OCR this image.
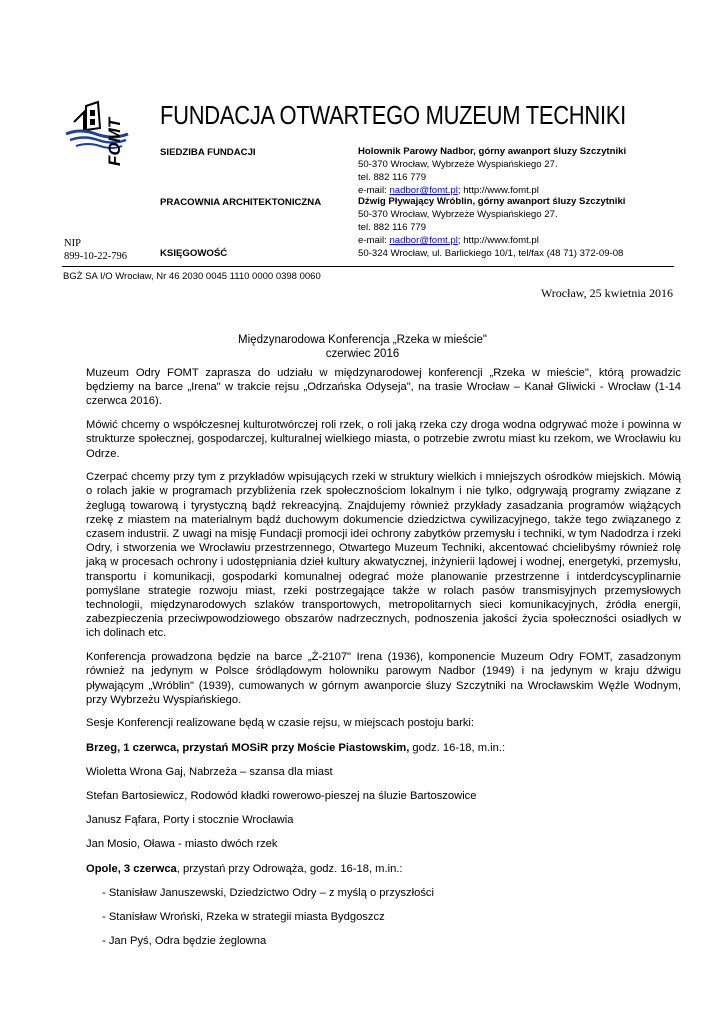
FOMT
FUNDACJA OTWARTEGO MUZEUM TECHNIKI
SIEDZIBA FUNDACJI
PRACOWNIA ARCHITEKTONICZNA
KSIĘGOWOŚĆ
Holownik Parowy Nadbor, górny awanport śluzy Szczytniki
50-370 Wrocław, Wybrzeże Wyspiańskiego 27.
tel. 882 116 779
e-mail: nadbor@fomt.pl; http://www.fomt.pl
Dźwig Pływający Wróblin, górny awanport śluzy Szczytniki
50-370 Wrocław, Wybrzeże Wyspiańskiego 27.
tel. 882 116 779
e-mail: nadbor@fomt.pl; http://www.fomt.pl
50-324 Wrocław, ul. Barlickiego 10/1, tel/fax (48 71) 372-09-08
NIP
899-10-22-796
BGŻ SA I/O Wrocław, Nr 46 2030 0045 1110 0000 0398 0060
Wrocław, 25 kwietnia 2016
Międzynarodowa Konferencja „Rzeka w mieście"
czerwiec 2016

Muzeum Odry FOMT zaprasza do udziału w międzynarodowej konferencji „Rzeka w mieście", którą prowadzic będziemy na barce „Irena" w trakcie rejsu „Odrzańska Odyseja", na trasie Wrocław – Kanał Gliwicki - Wrocław (1-14 czerwca 2016).

Mówić chcemy o współczesnej kulturotwórczej roli rzek, o roli jaką rzeka czy droga wodna odgrywać może i powinna w strukturze społecznej, gospodarczej, kulturalnej wielkiego miasta, o potrzebie zwrotu miast ku rzekom, we Wrocławiu ku Odrze.

Czerpać chcemy przy tym z przykładów wpisujących rzeki w struktury wielkich i mniejszych ośrodków miejskich. Mówią o rolach jakie w programach przybliżenia rzek społecznościom lokalnym i nie tylko, odgrywają programy związane z żeglugą towarową i tyrystyczną bądź rekreacyjną. Znajdujemy również przykłady zasadzania programów wiążących rzekę z miastem na materialnym bądź duchowym dokumencie dziedzictwa cywilizacyjnego, także tego związanego z czasem industrii. Z uwagi na misję Fundacji promocji idei ochrony zabytków przemysłu i techniki, w tym Nadodrza i rzeki Odry, i stworzenia we Wrocławiu przestrzennego, Otwartego Muzeum Techniki, akcentować chcielibyśmy również rolę jaką w procesach ochrony i udostępniania dzieł kultury akwatycznej, inżynierii lądowej i wodnej, energetyki, przemysłu, transportu i komunikacji, gospodarki komunalnej odegrać może planowanie przestrzenne i intderdcyscyplinarnie pomyślane strategie rozwoju miast, rzeki postrzegające także w rolach pasów transmisyjnych przemysłowych technologii, międzynarodowych szlaków transportowych, metropolitarnych sieci komunikacyjnych, źródła energii, zabezpieczenia przeciwpowodziowego obszarów nadrzecznych, podnoszenia jakości życia społeczności osiadłych w ich dolinach etc.

Konferencja prowadzona będzie na barce „Ż-2107" Irena (1936), komponencie Muzeum Odry FOMT, zasadzonym również na jedynym w Polsce śródlądowym holowniku parowym Nadbor (1949) i na jedynym w kraju dźwigu pływającym „Wróblin" (1939), cumowanych w górnym awanporcie śluzy Szczytniki na Wrocławskim Węźle Wodnym, przy Wybrzeżu Wyspiańskiego.

Sesje Konferencji realizowane będą w czasie rejsu, w miejscach postoju barki:

Brzeg, 1 czerwca, przystań MOSiR przy Moście Piastowskim, godz. 16-18, m.in.:

Wioletta Wrona Gaj, Nabrzeża – szansa dla miast

Stefan Bartosiewicz, Rodowód kładki rowerowo-pieszej na śluzie Bartoszowice

Janusz Fąfara, Porty i stocznie Wrocławia

Jan Mosio, Oława - miasto dwóch rzek

Opole, 3 czerwca, przystań przy Odrowąża, godz. 16-18, m.in.:

- Stanisław Januszewski, Dziedzictwo Odry – z myślą o przyszłości

- Stanisław Wroński, Rzeka w strategii miasta Bydgoszcz

- Jan Pyś, Odra będzie żeglowna
